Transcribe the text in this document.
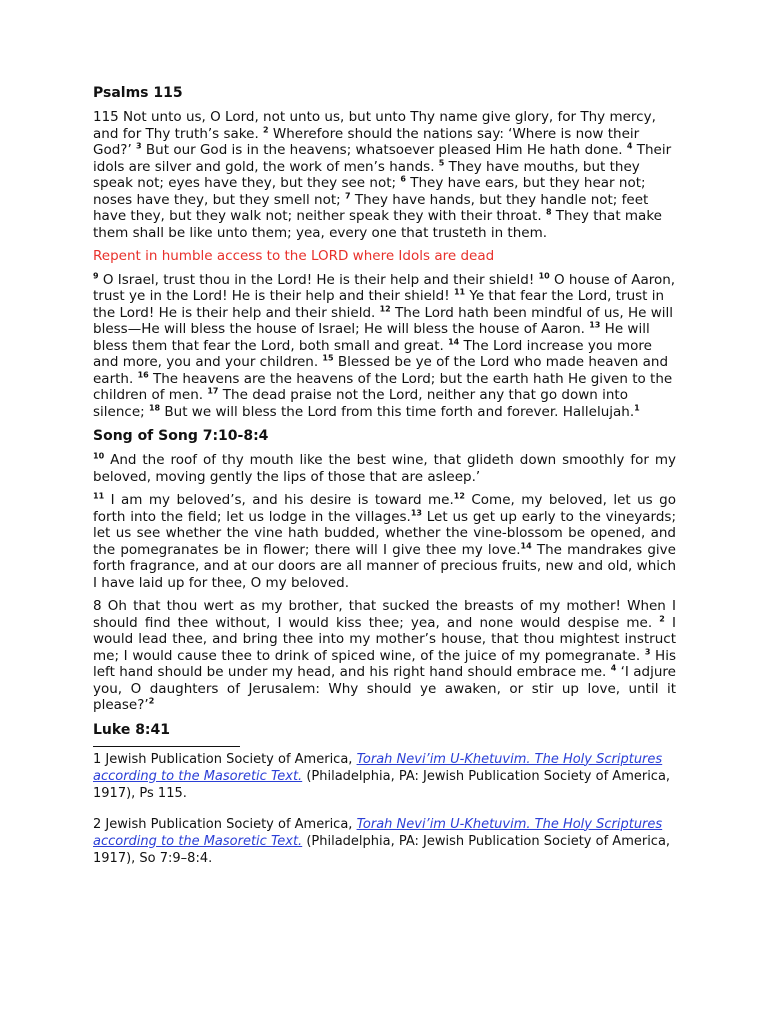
Psalms 115
115 Not unto us, O Lord, not unto us, but unto Thy name give glory, for Thy mercy, and for Thy truth’s sake. $^2$ Wherefore should the nations say: ‘Where is now their God?’ $^3$ But our God is in the heavens; whatsoever pleased Him He hath done. $^4$ Their idols are silver and gold, the work of men’s hands. $^5$ They have mouths, but they speak not; eyes have they, but they see not; $^6$ They have ears, but they hear not; noses have they, but they smell not; $^7$ They have hands, but they handle not; feet have they, but they walk not; neither speak they with their throat. $^8$ They that make them shall be like unto them; yea, every one that trusteth in them.
Repent in humble access to the LORD where Idols are dead
$^9$ O Israel, trust thou in the Lord! He is their help and their shield! $^{10}$ O house of Aaron, trust ye in the Lord! He is their help and their shield! $^{11}$ Ye that fear the Lord, trust in the Lord! He is their help and their shield. $^{12}$ The Lord hath been mindful of us, He will bless—He will bless the house of Israel; He will bless the house of Aaron. $^{13}$ He will bless them that fear the Lord, both small and great. $^{14}$ The Lord increase you more and more, you and your children. $^{15}$ Blessed be ye of the Lord who made heaven and earth. $^{16}$ The heavens are the heavens of the Lord; but the earth hath He given to the children of men. $^{17}$ The dead praise not the Lord, neither any that go down into silence; $^{18}$ But we will bless the Lord from this time forth and forever. Hallelujah.$^1$
Song of Song 7:10-8:4
$^{10}$ And the roof of thy mouth like the best wine, that glideth down smoothly for my beloved, moving gently the lips of those that are asleep.’
$^{11}$ I am my beloved’s, and his desire is toward me.$^{12}$ Come, my beloved, let us go forth into the field; let us lodge in the villages.$^{13}$ Let us get up early to the vineyards; let us see whether the vine hath budded, whether the vine-blossom be opened, and the pomegranates be in flower; there will I give thee my love.$^{14}$ The mandrakes give forth fragrance, and at our doors are all manner of precious fruits, new and old, which I have laid up for thee, O my beloved.
8 Oh that thou wert as my brother, that sucked the breasts of my mother! When I should find thee without, I would kiss thee; yea, and none would despise me. $^2$ I would lead thee, and bring thee into my mother’s house, that thou mightest instruct me; I would cause thee to drink of spiced wine, of the juice of my pomegranate. $^3$ His left hand should be under my head, and his right hand should embrace me. $^4$ ‘I adjure you, O daughters of Jerusalem: Why should ye awaken, or stir up love, until it please?’$^2$
Luke 8:41
1 Jewish Publication Society of America, Torah Nevi’im U-Khetuvim. The Holy Scriptures according to the Masoretic Text. (Philadelphia, PA: Jewish Publication Society of America, 1917), Ps 115.
2 Jewish Publication Society of America, Torah Nevi’im U-Khetuvim. The Holy Scriptures according to the Masoretic Text. (Philadelphia, PA: Jewish Publication Society of America, 1917), So 7:9–8:4.
